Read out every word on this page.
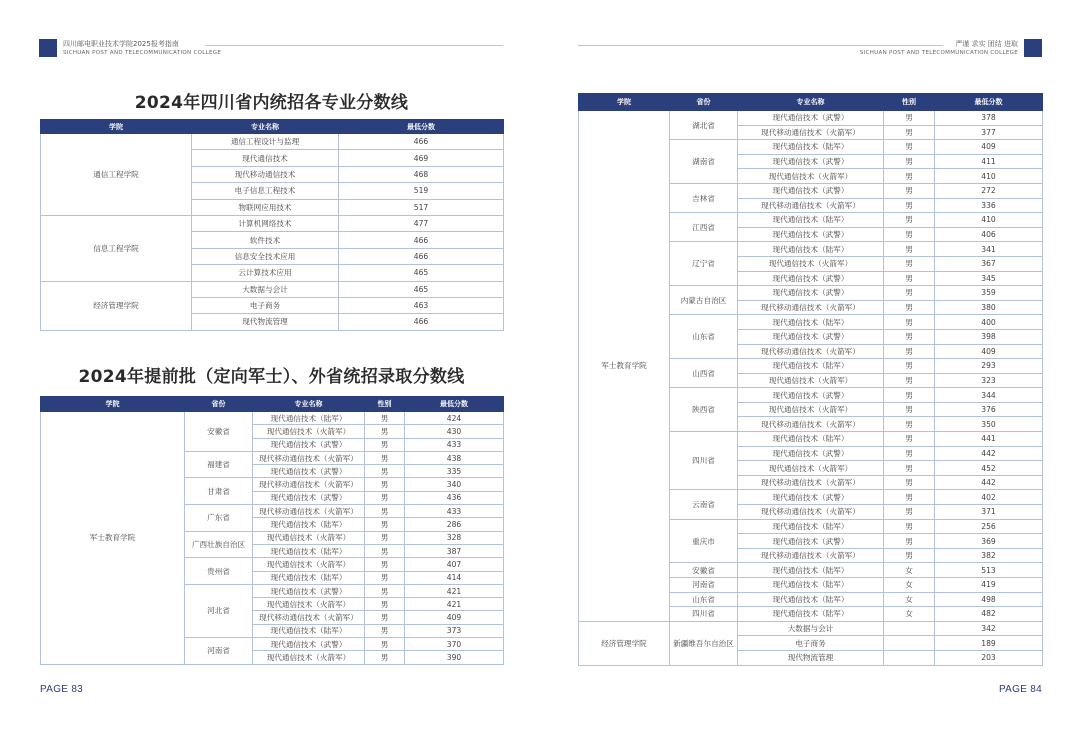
四川邮电职业技术学院2025报考指南
SICHUAN POST AND TELECOMMUNICATION COLLEGE
严谨 求实 团结 进取
SICHUAN POST AND TELECOMMUNICATION COLLEGE
2024年四川省内统招各专业分数线
2024年提前批（定向军士）、外省统招录取分数线
学院	专业名称	最低分数
通信工程学院	通信工程设计与监理	466
	现代通信技术	469
	现代移动通信技术	468
	电子信息工程技术	519
	物联网应用技术	517
信息工程学院	计算机网络技术	477
	软件技术	466
	信息安全技术应用	466
	云计算技术应用	465
经济管理学院	大数据与会计	465
	电子商务	463
	现代物流管理	466
学院	省份	专业名称	性别	最低分数
军士教育学院	安徽省	现代通信技术（陆军）	男	424
		现代通信技术（火箭军）	男	430
		现代通信技术（武警）	男	433
	福建省	现代移动通信技术（火箭军）	男	438
		现代通信技术（武警）	男	335
	甘肃省	现代移动通信技术（火箭军）	男	340
		现代通信技术（武警）	男	436
	广东省	现代移动通信技术（火箭军）	男	433
		现代通信技术（陆军）	男	286
	广西壮族自治区	现代通信技术（火箭军）	男	328
		现代通信技术（陆军）	男	387
	贵州省	现代通信技术（火箭军）	男	407
		现代通信技术（陆军）	男	414
	河北省	现代通信技术（武警）	男	421
		现代通信技术（火箭军）	男	421
		现代移动通信技术（火箭军）	男	409
		现代通信技术（陆军）	男	373
	河南省	现代通信技术（武警）	男	370
		现代通信技术（火箭军）	男	390
学院	省份	专业名称	性别	最低分数
军士教育学院	湖北省	现代通信技术（武警）	男	378
		现代移动通信技术（火箭军）	男	377
	湖南省	现代通信技术（陆军）	男	409
		现代通信技术（武警）	男	411
		现代通信技术（火箭军）	男	410
	吉林省	现代通信技术（武警）	男	272
		现代移动通信技术（火箭军）	男	336
	江西省	现代通信技术（陆军）	男	410
		现代通信技术（武警）	男	406
	辽宁省	现代通信技术（陆军）	男	341
		现代通信技术（火箭军）	男	367
		现代通信技术（武警）	男	345
	内蒙古自治区	现代通信技术（武警）	男	359
		现代移动通信技术（火箭军）	男	380
	山东省	现代通信技术（陆军）	男	400
		现代通信技术（武警）	男	398
		现代移动通信技术（火箭军）	男	409
	山西省	现代通信技术（陆军）	男	293
		现代通信技术（火箭军）	男	323
	陕西省	现代通信技术（武警）	男	344
		现代通信技术（火箭军）	男	376
		现代移动通信技术（火箭军）	男	350
	四川省	现代通信技术（陆军）	男	441
		现代通信技术（武警）	男	442
		现代通信技术（火箭军）	男	452
		现代移动通信技术（火箭军）	男	442
	云南省	现代通信技术（武警）	男	402
		现代移动通信技术（火箭军）	男	371
	重庆市	现代通信技术（陆军）	男	256
		现代通信技术（武警）	男	369
		现代移动通信技术（火箭军）	男	382
	安徽省	现代通信技术（陆军）	女	513
	河南省	现代通信技术（陆军）	女	419
	山东省	现代通信技术（陆军）	女	498
	四川省	现代通信技术（陆军）	女	482
经济管理学院	新疆维吾尔自治区	大数据与会计		342
		电子商务		189
		现代物流管理		203
PAGE 83	PAGE 84
